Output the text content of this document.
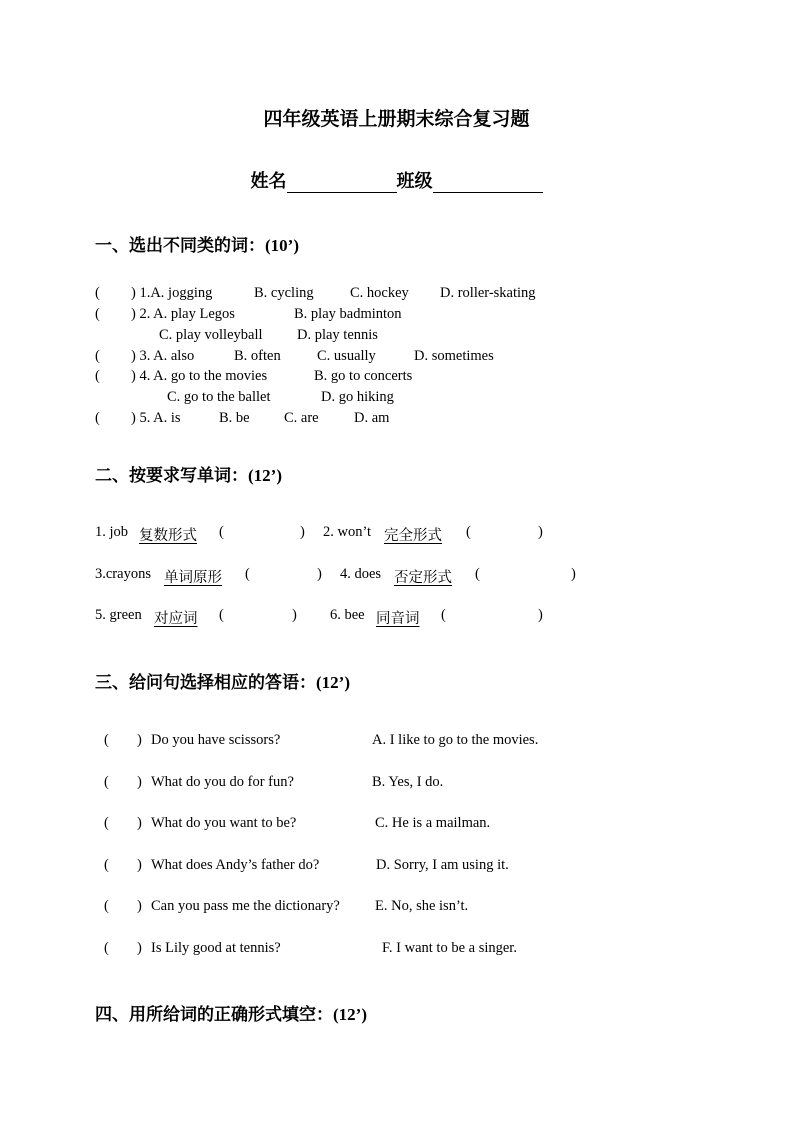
四年级英语上册期末综合复习题
姓名	班级
一、选出不同类的词：(10’)
( ) 1.A. jogging	B. cycling	C. hockey D. roller-skating
( ) 2. A. play Legos	B. play badminton
C. play volleyball D. play tennis
( ) 3. A. also	B. often	C. usually	D. sometimes
( ) 4. A. go to the movies	B. go to concerts
C. go to the ballet	D. go hiking
( ) 5. A. is	B. be C. are D. am
二、按要求写单词：(12’)
1. job 复数形式 (	) 2. won’t 完全形式 (	)
3.crayons 单词原形 (	) 4. does 否定形式 (	)
5. green 对应词 (	) 6. bee 同音词 (	)
三、给问句选择相应的答语：(12’)
( ) Do you have scissors?	A. I like to go to the movies.
( ) What do you do for fun?	B. Yes, I do.
( ) What do you want to be?	C. He is a mailman.
( ) What does Andy’s father do?	D. Sorry, I am using it.
( ) Can you pass me the dictionary? E. No, she isn’t.
( ) Is Lily good at tennis?	F. I want to be a singer.
四、用所给词的正确形式填空：(12’)
